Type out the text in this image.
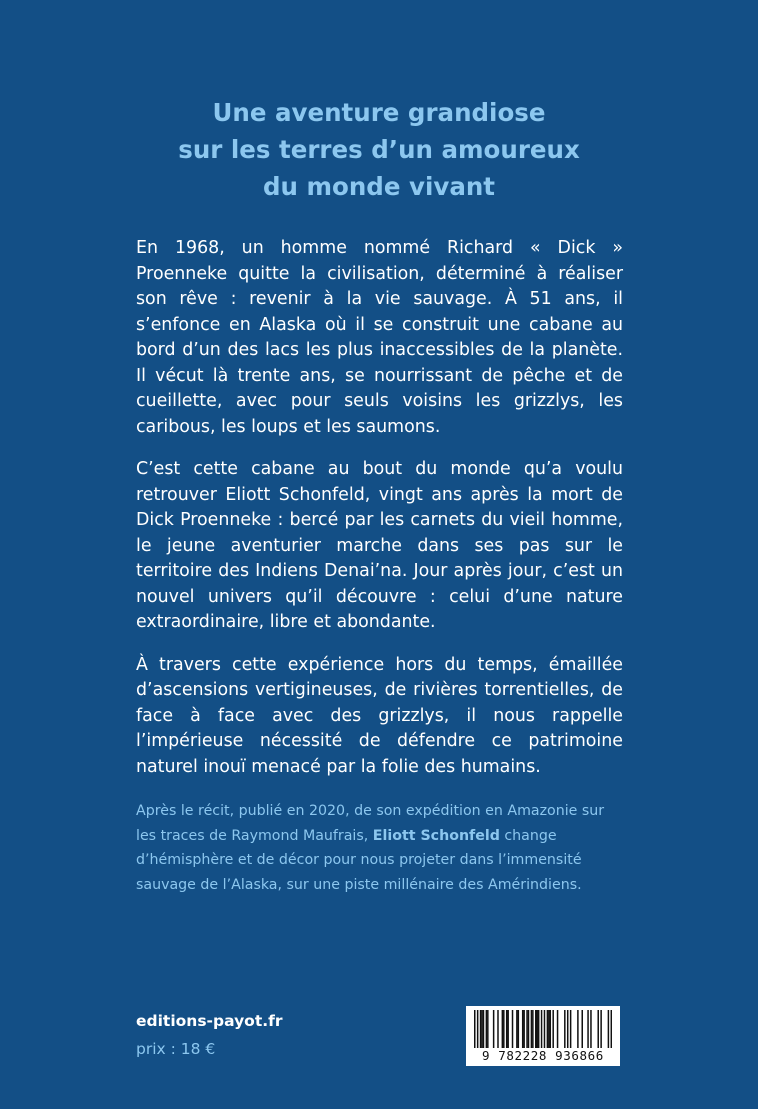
Une aventure grandiose
sur les terres d’un amoureux
du monde vivant

En 1968, un homme nommé Richard « Dick » Proenneke quitte la civilisation, déterminé à réaliser son rêve : revenir à la vie sauvage. À 51 ans, il s’enfonce en Alaska où il se construit une cabane au bord d’un des lacs les plus inaccessibles de la planète. Il vécut là trente ans, se nourrissant de pêche et de cueillette, avec pour seuls voisins les grizzlys, les caribous, les loups et les saumons.

C’est cette cabane au bout du monde qu’a voulu retrouver Eliott Schonfeld, vingt ans après la mort de Dick Proenneke : bercé par les carnets du vieil homme, le jeune aventurier marche dans ses pas sur le territoire des Indiens Denai’na. Jour après jour, c’est un nouvel univers qu’il découvre : celui d’une nature extraordinaire, libre et abondante.

À travers cette expérience hors du temps, émaillée d’ascensions vertigineuses, de rivières torrentielles, de face à face avec des grizzlys, il nous rappelle l’impérieuse nécessité de défendre ce patrimoine naturel inouï menacé par la folie des humains.

Après le récit, publié en 2020, de son expédition en Amazonie sur les traces de Raymond Maufrais, Eliott Schonfeld change d’hémisphère et de décor pour nous projeter dans l’immensité sauvage de l’Alaska, sur une piste millénaire des Amérindiens.

editions-payot.fr
prix : 18 €	9 782228 936866
